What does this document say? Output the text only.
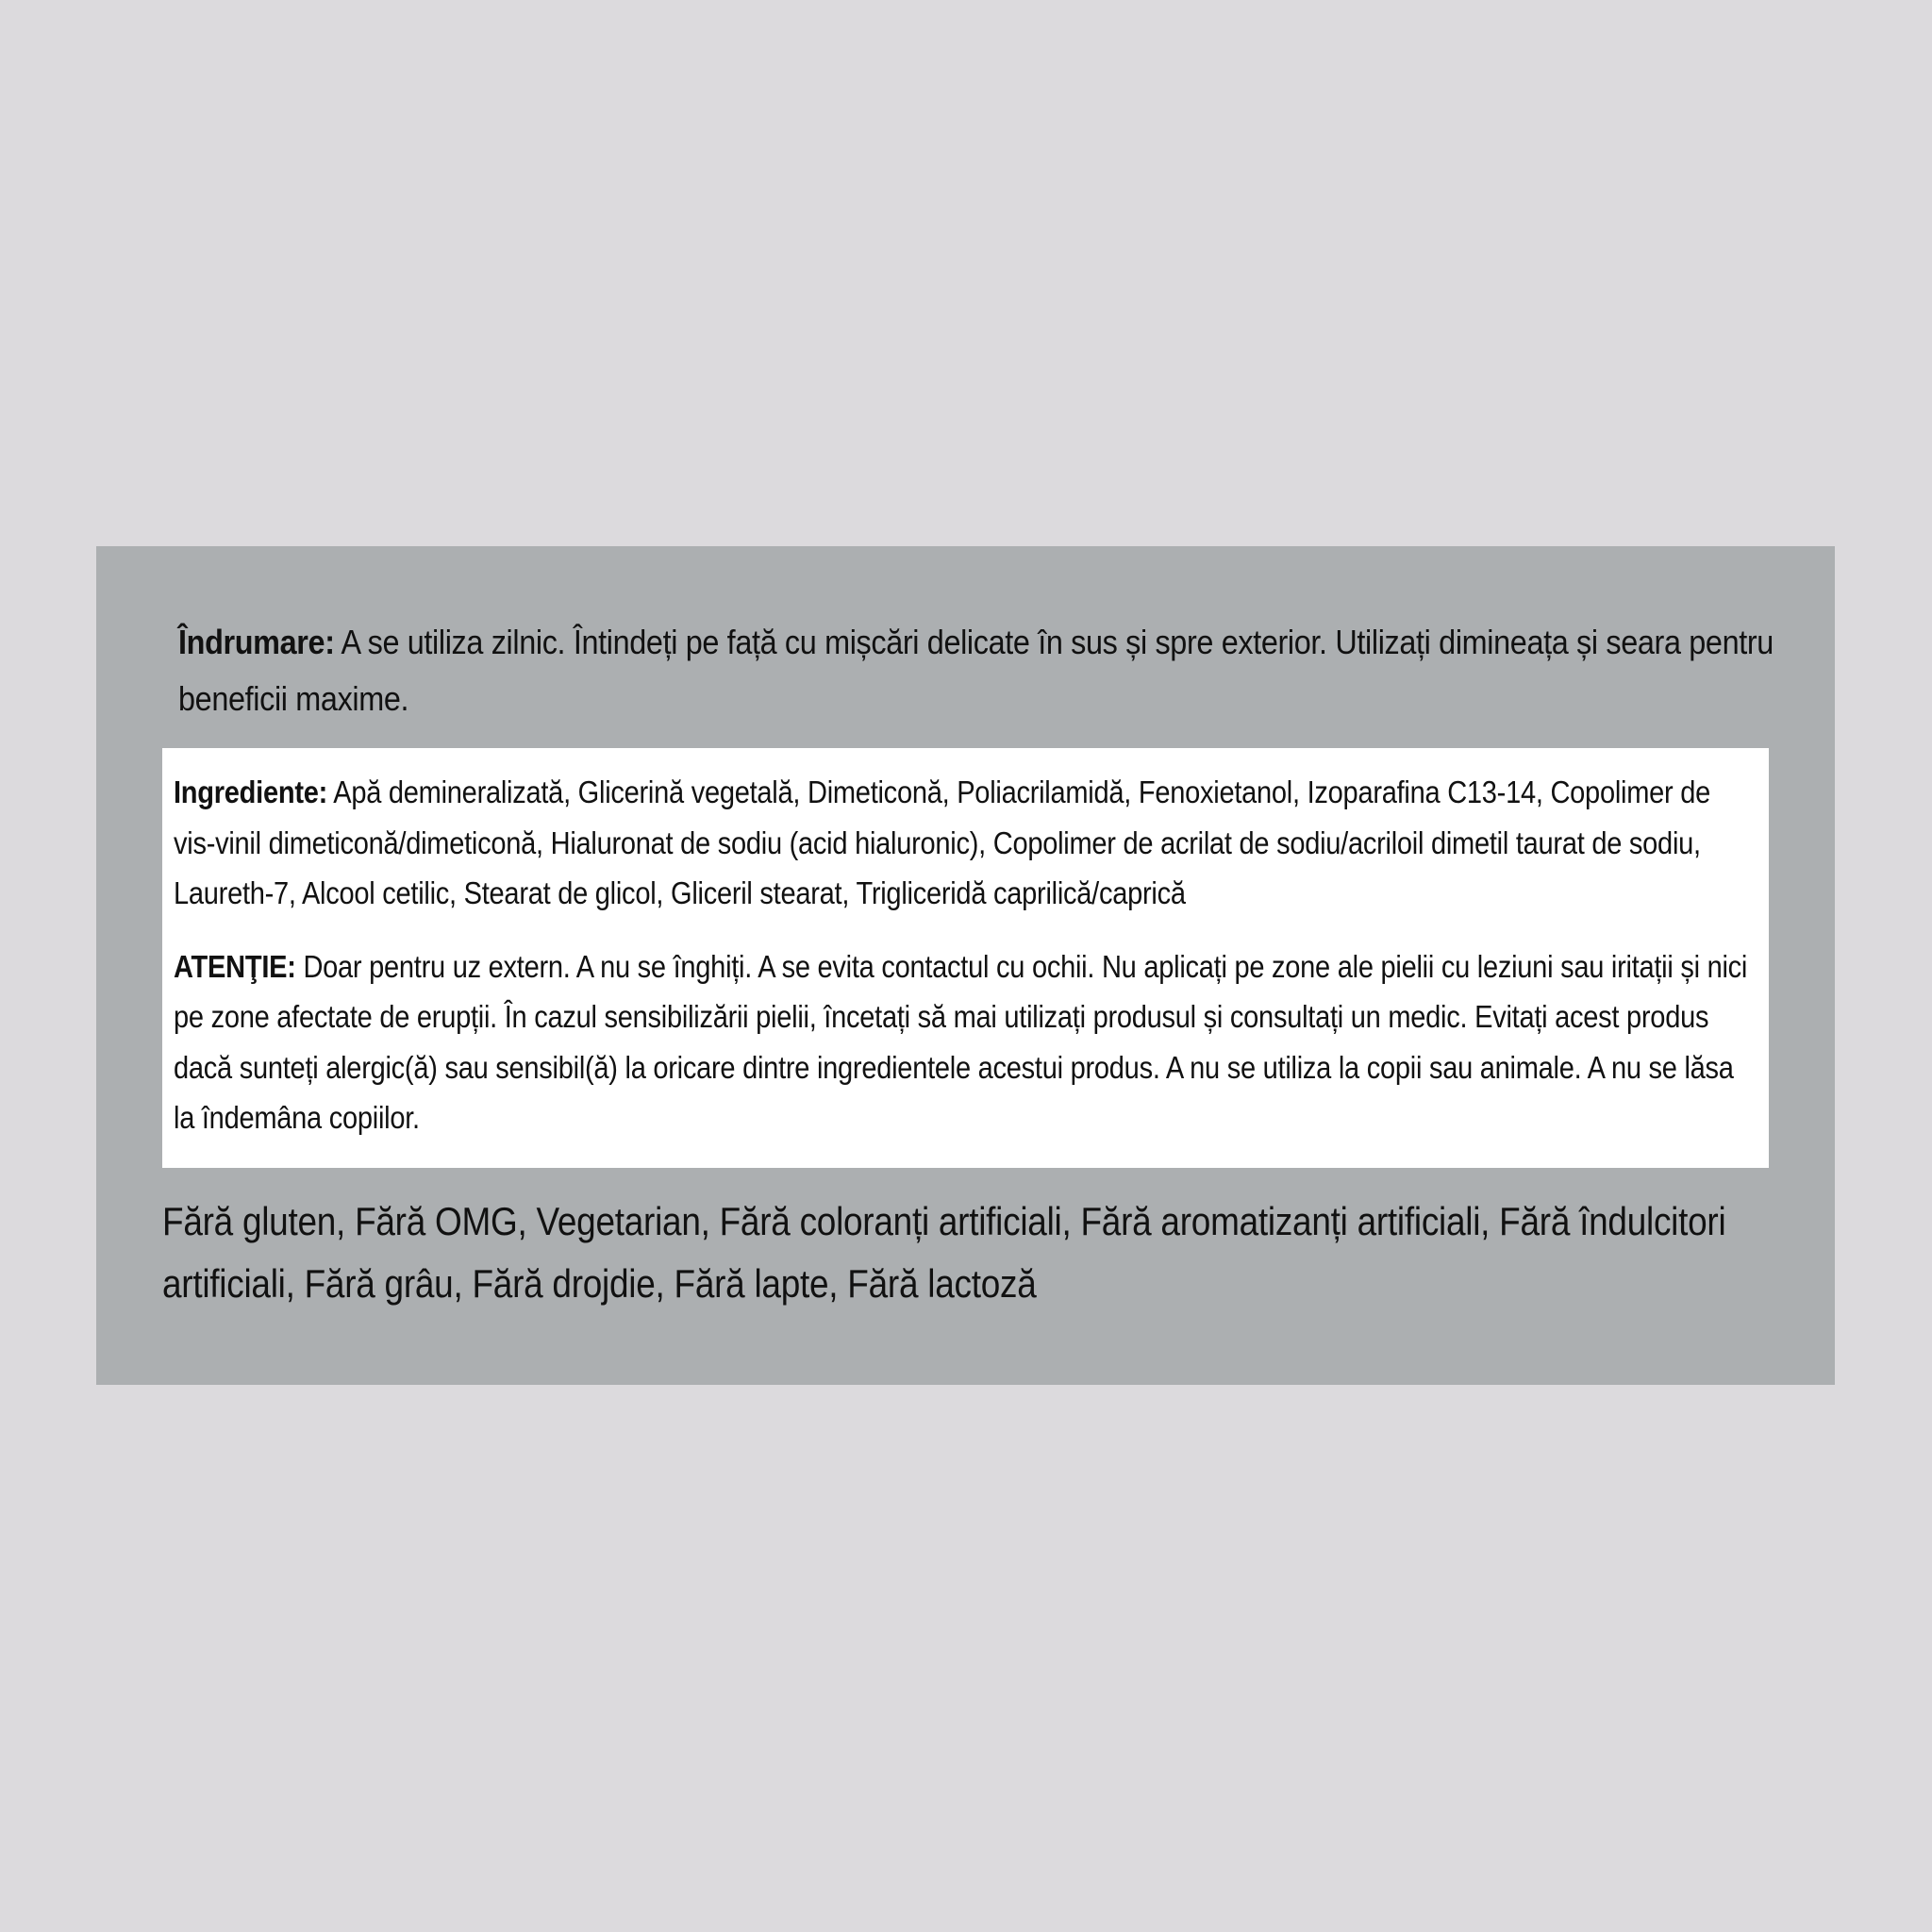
Îndrumare: A se utiliza zilnic. Întindeți pe față cu mișcări delicate în sus și spre exterior. Utilizați dimineața și seara pentru beneficii maxime.

Ingrediente: Apă demineralizată, Glicerină vegetală, Dimeticonă, Poliacrilamidă, Fenoxietanol, Izoparafina C13-14, Copolimer de vis-vinil dimeticonă/dimeticonă, Hialuronat de sodiu (acid hialuronic), Copolimer de acrilat de sodiu/acriloil dimetil taurat de sodiu, Laureth-7, Alcool cetilic, Stearat de glicol, Gliceril stearat, Trigliceridă caprilică/caprică

ATENŢIE: Doar pentru uz extern. A nu se înghiți. A se evita contactul cu ochii. Nu aplicați pe zone ale pielii cu leziuni sau iritații și nici pe zone afectate de erupții. În cazul sensibilizării pielii, încetați să mai utilizați produsul și consultați un medic. Evitați acest produs dacă sunteți alergic(ă) sau sensibil(ă) la oricare dintre ingredientele acestui produs. A nu se utiliza la copii sau animale. A nu se lăsa la îndemâna copiilor.

Fără gluten, Fără OMG, Vegetarian, Fără coloranți artificiali, Fără aromatizanți artificiali, Fără îndulcitori artificiali, Fără grâu, Fără drojdie, Fără lapte, Fără lactoză
